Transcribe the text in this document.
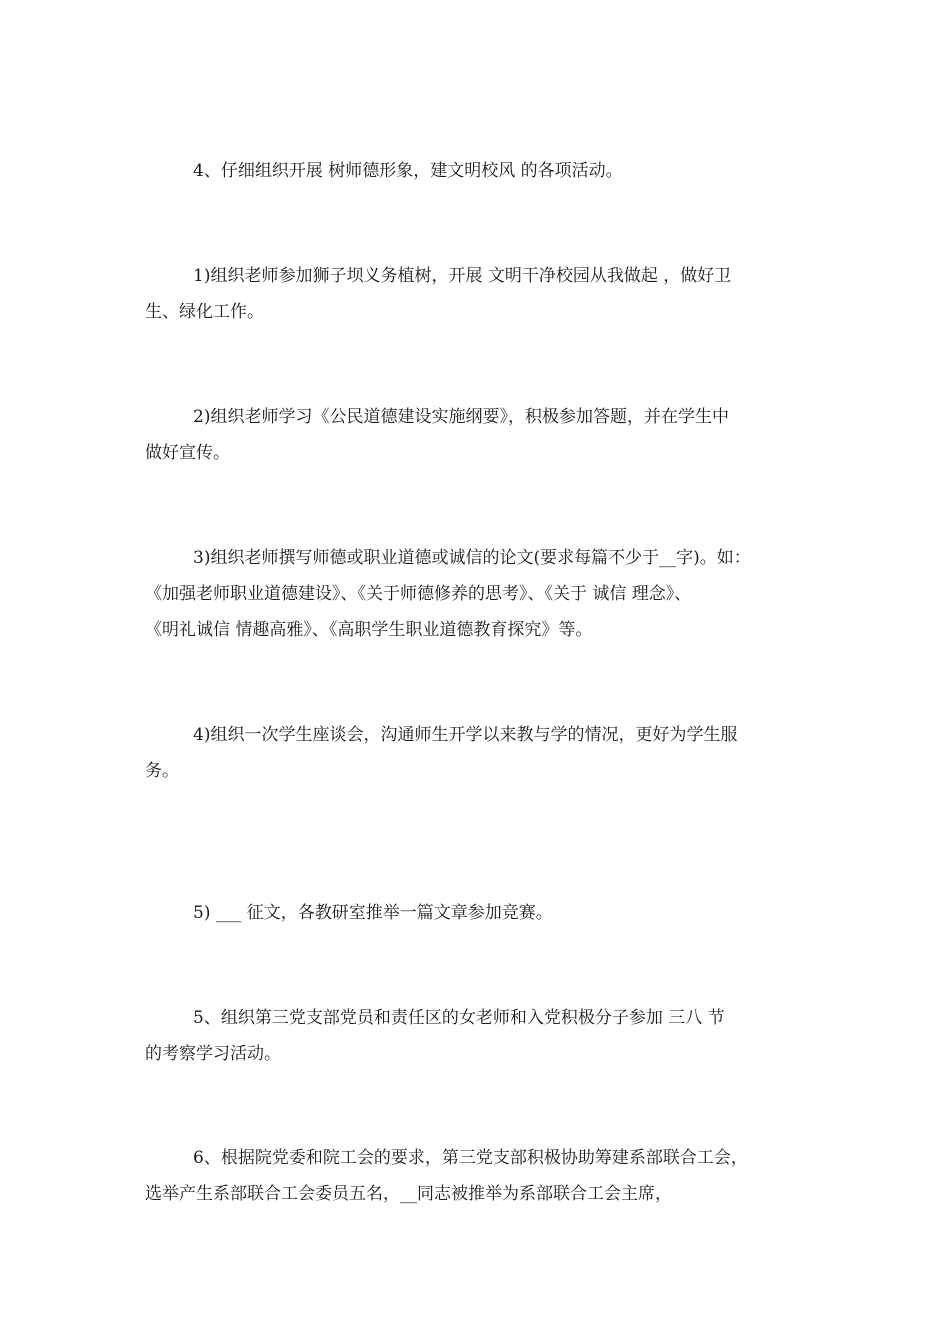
4、仔细组织开展 树师德形象，建文明校风 的各项活动。

1)组织老师参加狮子坝义务植树，开展 文明干净校园从我做起 ，做好卫
生、绿化工作。

2)组织老师学习《公民道德建设实施纲要》，积极参加答题，并在学生中
做好宣传。

3)组织老师撰写师德或职业道德或诚信的论文(要求每篇不少于__字)。如：
《加强老师职业道德建设》、《关于师德修养的思考》、《关于 诚信 理念》、
《明礼诚信 情趣高雅》、《高职学生职业道德教育探究》等。

4)组织一次学生座谈会，沟通师生开学以来教与学的情况，更好为学生服
务。

5) ___ 征文，各教研室推举一篇文章参加竞赛。

5、组织第三党支部党员和责任区的女老师和入党积极分子参加 三八 节
的考察学习活动。

6、根据院党委和院工会的要求，第三党支部积极协助筹建系部联合工会，
选举产生系部联合工会委员五名，__同志被推举为系部联合工会主席，
